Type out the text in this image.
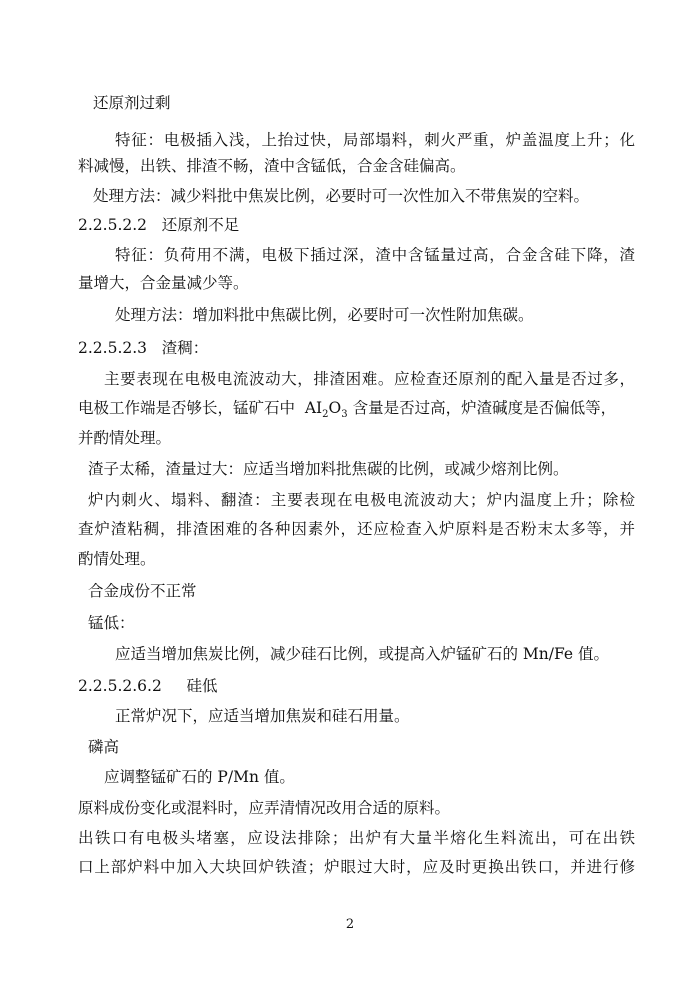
还原剂过剩
特征：电极插入浅，上抬过快，局部塌料，刺火严重，炉盖温度上升；化
料减慢，出铁、排渣不畅，渣中含锰低，合金含硅偏高。
处理方法：减少料批中焦炭比例，必要时可一次性加入不带焦炭的空料。
2.2.5.2.2   还原剂不足
特征：负荷用不满，电极下插过深，渣中含锰量过高，合金含硅下降，渣
量增大，合金量减少等。
处理方法：增加料批中焦碳比例，必要时可一次性附加焦碳。
2.2.5.2.3   渣稠：
主要表现在电极电流波动大，排渣困难。应检查还原剂的配入量是否过多，
电极工作端是否够长，锰矿石中  $AI_2O_3$ 含量是否过高，炉渣碱度是否偏低等，
并酌情处理。
渣子太稀，渣量过大：应适当增加料批焦碳的比例，或减少熔剂比例。
炉内刺火、塌料、翻渣：主要表现在电极电流波动大；炉内温度上升；除检
查炉渣粘稠，排渣困难的各种因素外，还应检查入炉原料是否粉末太多等，并
酌情处理。
合金成份不正常
锰低：
应适当增加焦炭比例，减少硅石比例，或提高入炉锰矿石的 Mn/Fe 值。
2.2.5.2.6.2     硅低
正常炉况下，应适当增加焦炭和硅石用量。
磷高
应调整锰矿石的 P/Mn 值。
原料成份变化或混料时，应弄清情况改用合适的原料。
出铁口有电极头堵塞，应设法排除；出炉有大量半熔化生料流出，可在出铁
口上部炉料中加入大块回炉铁渣；炉眼过大时，应及时更换出铁口，并进行修
2
